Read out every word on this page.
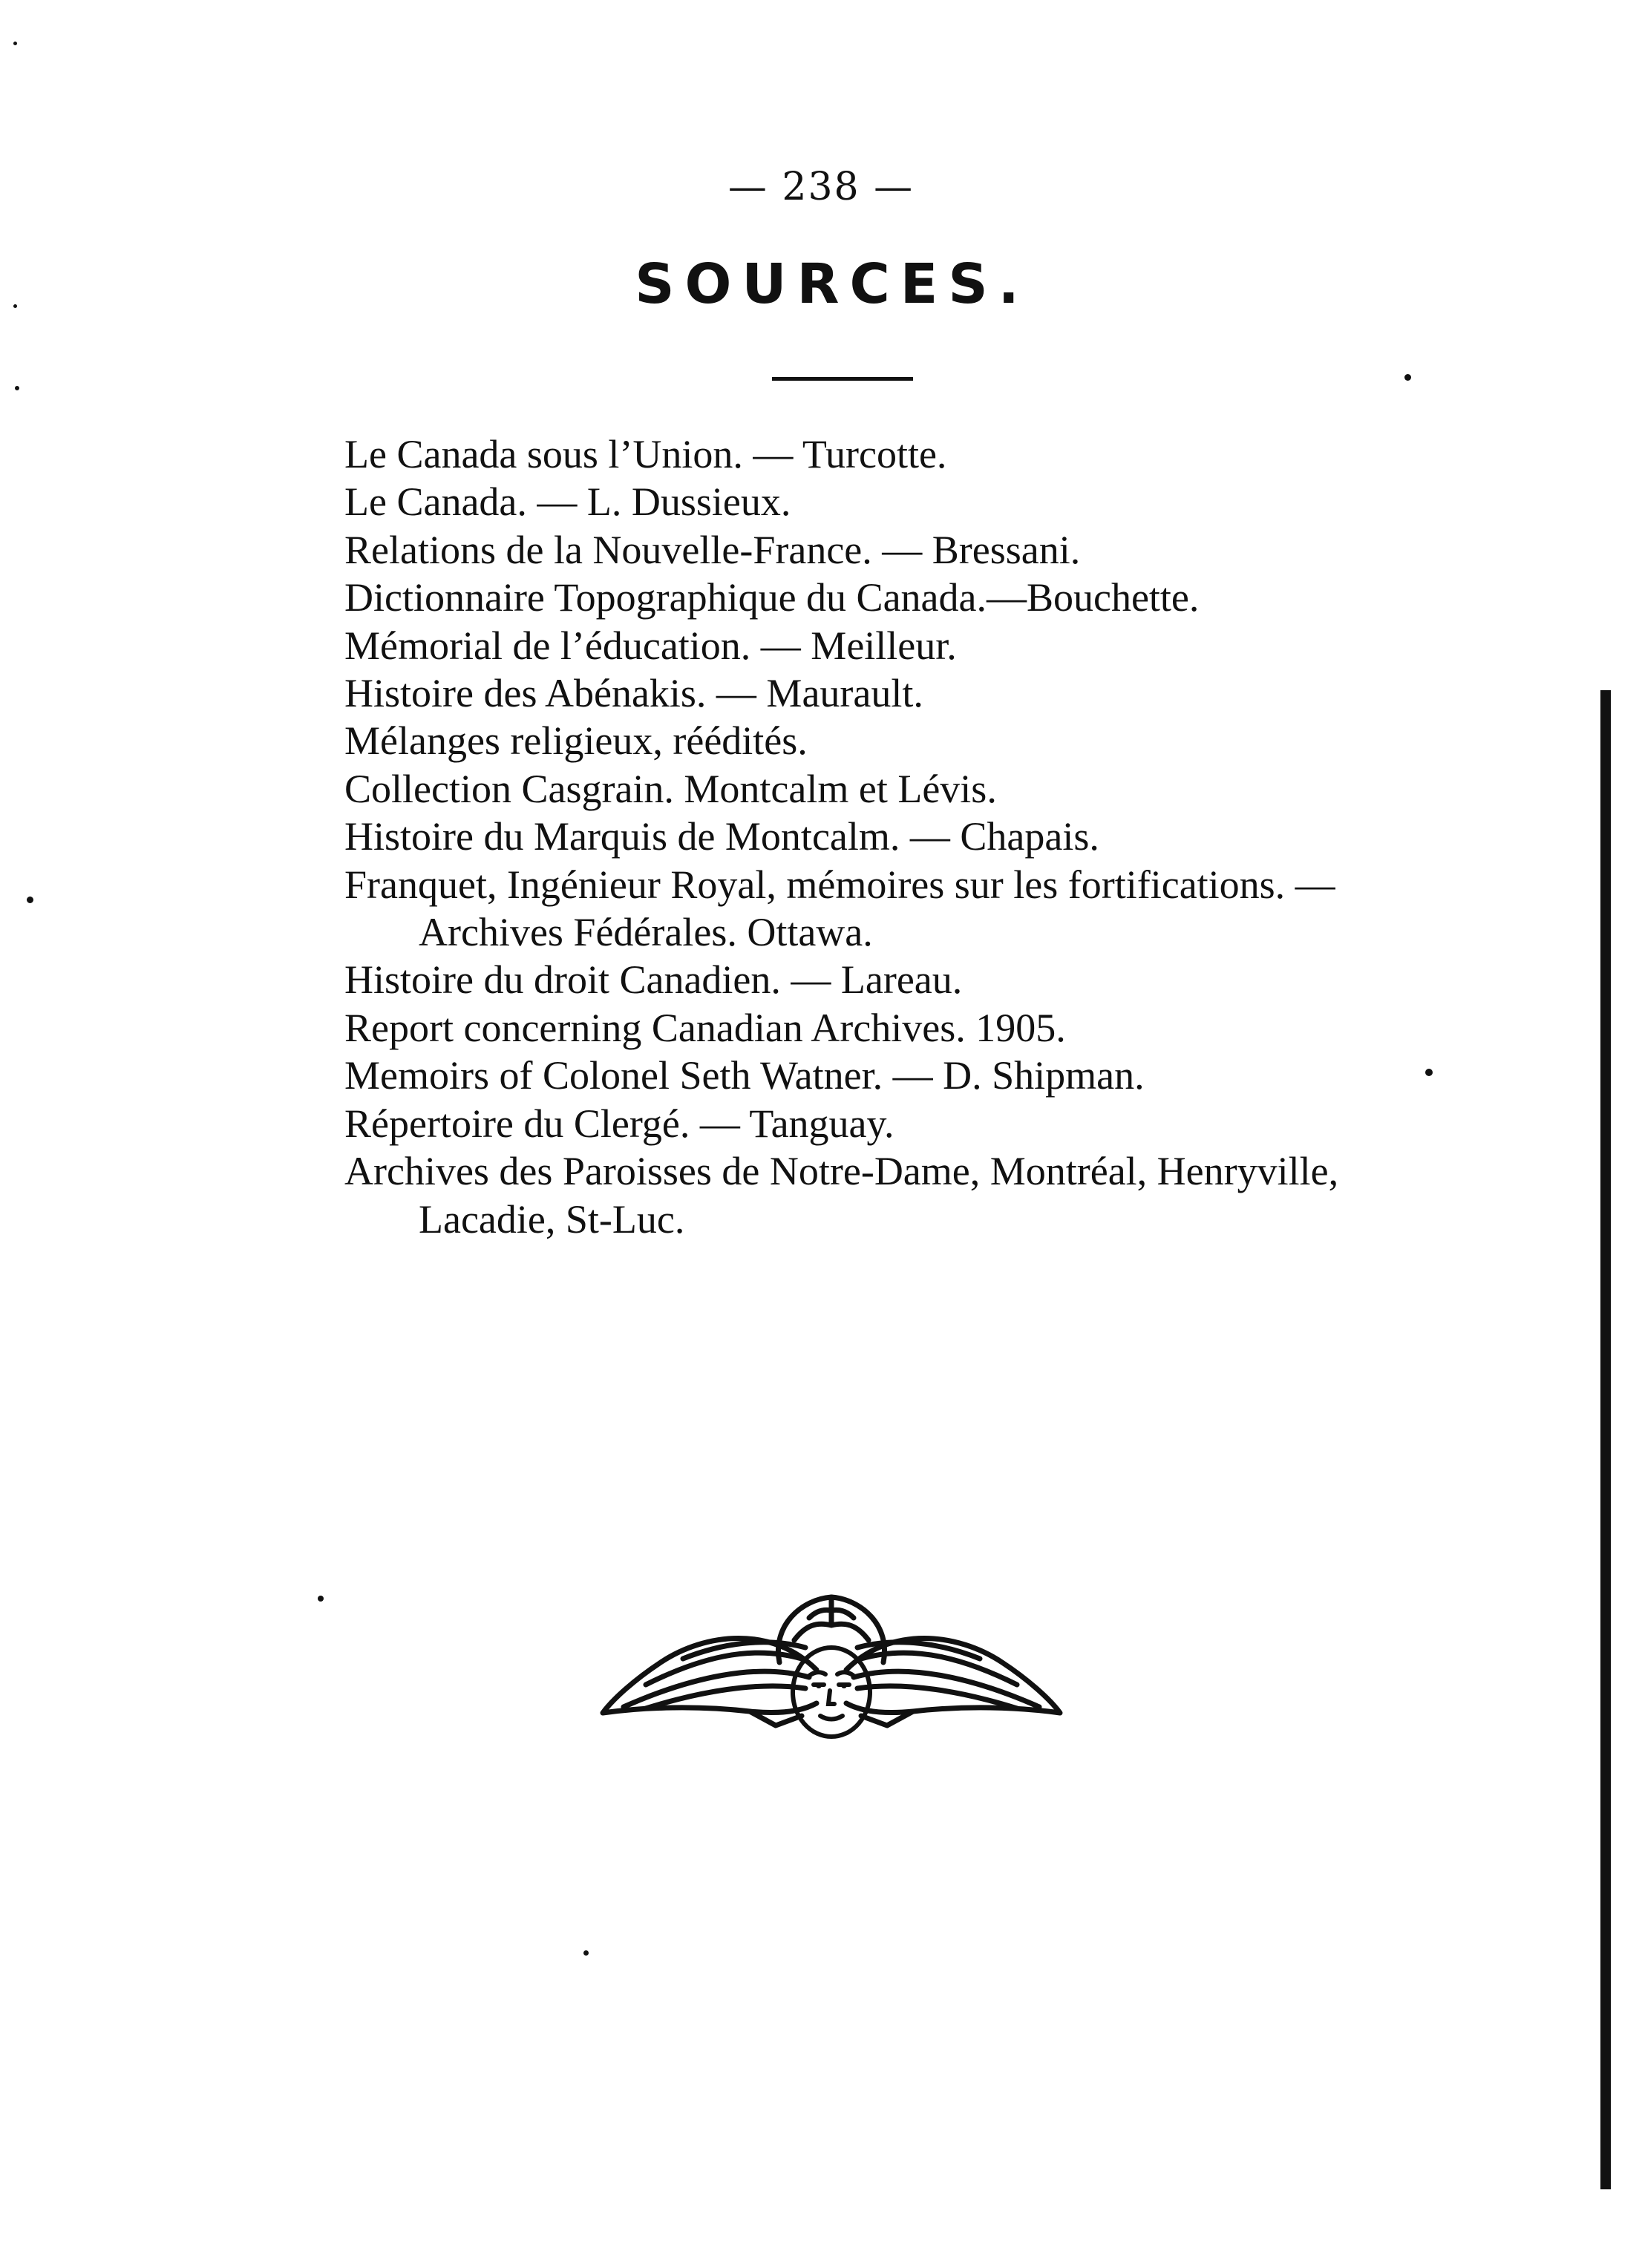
— 238 —
SOURCES.
Le Canada sous l’Union. — Turcotte.
Le Canada. — L. Dussieux.
Relations de la Nouvelle-France. — Bressani.
Dictionnaire Topographique du Canada.—Bouchette.
Mémorial de l’éducation. — Meilleur.
Histoire des Abénakis. — Maurault.
Mélanges religieux, réédités.
Collection Casgrain. Montcalm et Lévis.
Histoire du Marquis de Montcalm. — Chapais.
Franquet, Ingénieur Royal, mémoires sur les fortifications. — Archives Fédérales. Ottawa.
Histoire du droit Canadien. — Lareau.
Report concerning Canadian Archives. 1905.
Memoirs of Colonel Seth Watner. — D. Shipman.
Répertoire du Clergé. — Tanguay.
Archives des Paroisses de Notre-Dame, Montréal, Henryville, Lacadie, St-Luc.
